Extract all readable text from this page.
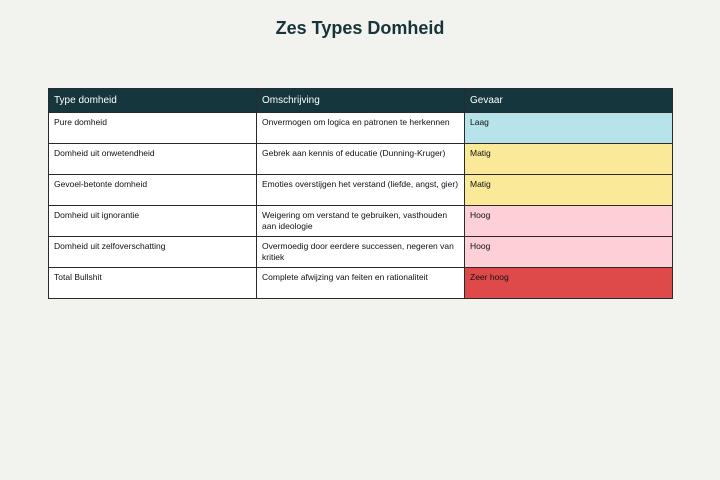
Zes Types Domheid
Type domheid	Omschrijving	Gevaar
Pure domheid	Onvermogen om logica en patronen te herkennen	Laag
Domheid uit onwetendheid	Gebrek aan kennis of educatie (Dunning-Kruger)	Matig
Gevoel-betonte domheid	Emoties overstijgen het verstand (liefde, angst, gier)	Matig
Domheid uit ignorantie	Weigering om verstand te gebruiken, vasthouden aan ideologie	Hoog
Domheid uit zelfoverschatting	Overmoedig door eerdere successen, negeren van kritiek	Hoog
Total Bullshit	Complete afwijzing van feiten en rationaliteit	Zeer hoog
